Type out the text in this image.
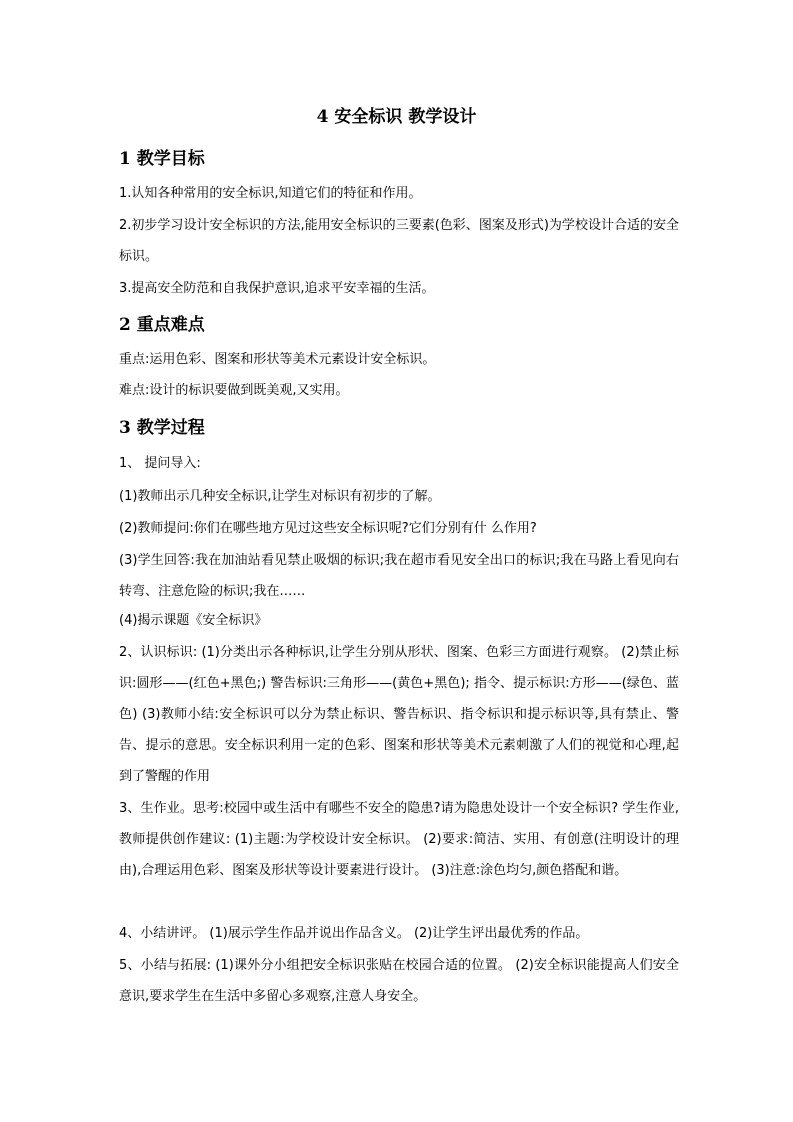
4 安全标识 教学设计
1 教学目标
1.认知各种常用的安全标识,知道它们的特征和作用。
2.初步学习设计安全标识的方法,能用安全标识的三要素(色彩、图案及形式)为学校设计合适的安全标识。
3.提高安全防范和自我保护意识,追求平安幸福的生活。
2 重点难点
重点:运用色彩、图案和形状等美术元素设计安全标识。
难点:设计的标识要做到既美观,又实用。
3 教学过程
1、 提问导入:
(1)教师出示几种安全标识,让学生对标识有初步的了解。
(2)教师提问:你们在哪些地方见过这些安全标识呢?它们分别有什 么作用?
(3)学生回答:我在加油站看见禁止吸烟的标识;我在超市看见安全出口的标识;我在马路上看见向右转弯、注意危险的标识;我在……
(4)揭示课题《安全标识》
2、认识标识: (1)分类出示各种标识,让学生分别从形状、图案、色彩三方面进行观察。 (2)禁止标识:圆形——(红色+黑色;) 警告标识:三角形——(黄色+黑色); 指令、提示标识:方形——(绿色、蓝色) (3)教师小结:安全标识可以分为禁止标识、警告标识、指令标识和提示标识等,具有禁止、警告、提示的意思。安全标识利用一定的色彩、图案和形状等美术元素刺激了人们的视觉和心理,起到了警醒的作用
3、生作业。思考:校园中或生活中有哪些不安全的隐患?请为隐患处设计一个安全标识? 学生作业,教师提供创作建议: (1)主题:为学校设计安全标识。 (2)要求:简洁、实用、有创意(注明设计的理由),合理运用色彩、图案及形状等设计要素进行设计。 (3)注意:涂色均匀,颜色搭配和谐。
4、小结讲评。 (1)展示学生作品并说出作品含义。 (2)让学生评出最优秀的作品。
5、小结与拓展: (1)课外分小组把安全标识张贴在校园合适的位置。 (2)安全标识能提高人们安全意识,要求学生在生活中多留心多观察,注意人身安全。
